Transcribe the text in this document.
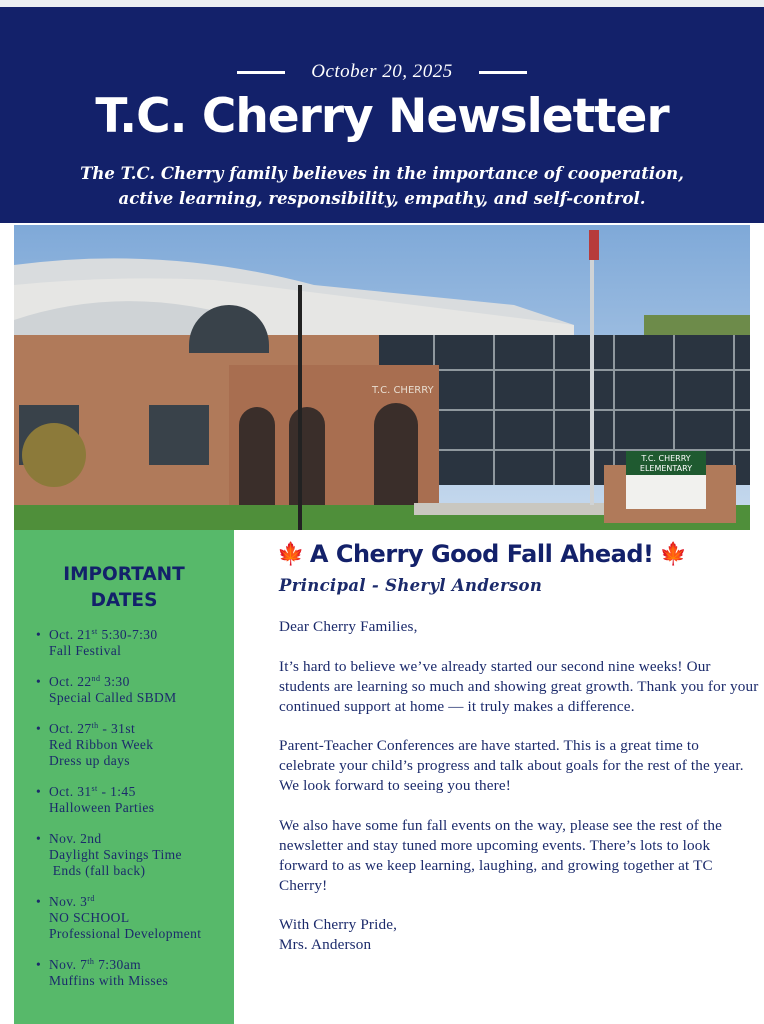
October 20, 2025
T.C. Cherry Newsletter
The T.C. Cherry family believes in the importance of cooperation,
active learning, responsibility, empathy, and self-control.
T.C. CHERRY
T.C. CHERRY
ELEMENTARY
IMPORTANT
DATES
• Oct. 21st 5:30-7:30
Fall Festival
• Oct. 22nd 3:30
Special Called SBDM
• Oct. 27th - 31st
Red Ribbon Week
Dress up days
• Oct. 31st - 1:45
Halloween Parties
• Nov. 2nd
Daylight Savings Time
Ends (fall back)
• Nov. 3rd
NO SCHOOL
Professional Development
• Nov. 7th 7:30am
Muffins with Misses
🍁 A Cherry Good Fall Ahead! 🍁
Principal - Sheryl Anderson

Dear Cherry Families,

It’s hard to believe we’ve already started our second nine weeks! Our students are learning so much and showing great growth. Thank you for your continued support at home — it truly makes a difference.

Parent-Teacher Conferences are have started. This is a great time to celebrate your child’s progress and talk about goals for the rest of the year. We look forward to seeing you there!

We also have some fun fall events on the way, please see the rest of the newsletter and stay tuned more upcoming events. There’s lots to look forward to as we keep learning, laughing, and growing together at TC Cherry!

With Cherry Pride,
Mrs. Anderson
